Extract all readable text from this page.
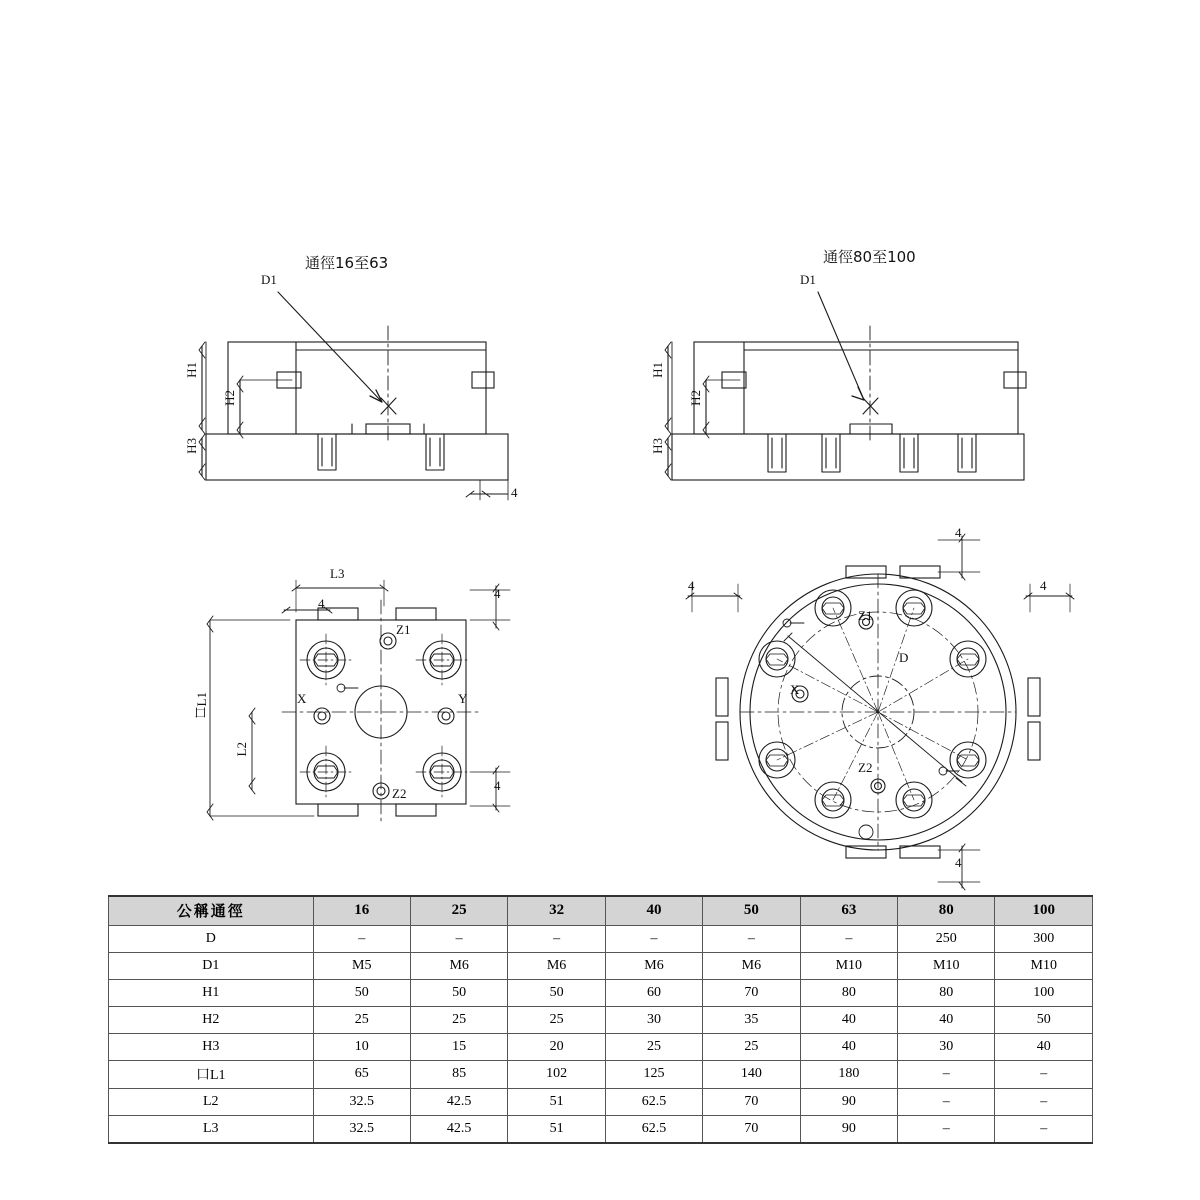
通徑16至63	通徑80至100
D1	D1
H1
H2
H3
4
H1
H2
H3
L3
4
4
4
口L1
L2
X	Y
Z1
Z2
4	4
4
4
X
Z1
Z2
D
公稱通徑	16	25	32	40	50	63	80	100
D	–	–	–	–	–	–	250	300
D1	M5	M6	M6	M6	M6	M10	M10	M10
H1	50	50	50	60	70	80	80	100
H2	25	25	25	30	35	40	40	50
H3	10	15	20	25	25	40	30	40
口L1	65	85	102	125	140	180	–	–
L2	32.5	42.5	51	62.5	70	90	–	–
L3	32.5	42.5	51	62.5	70	90	–	–
